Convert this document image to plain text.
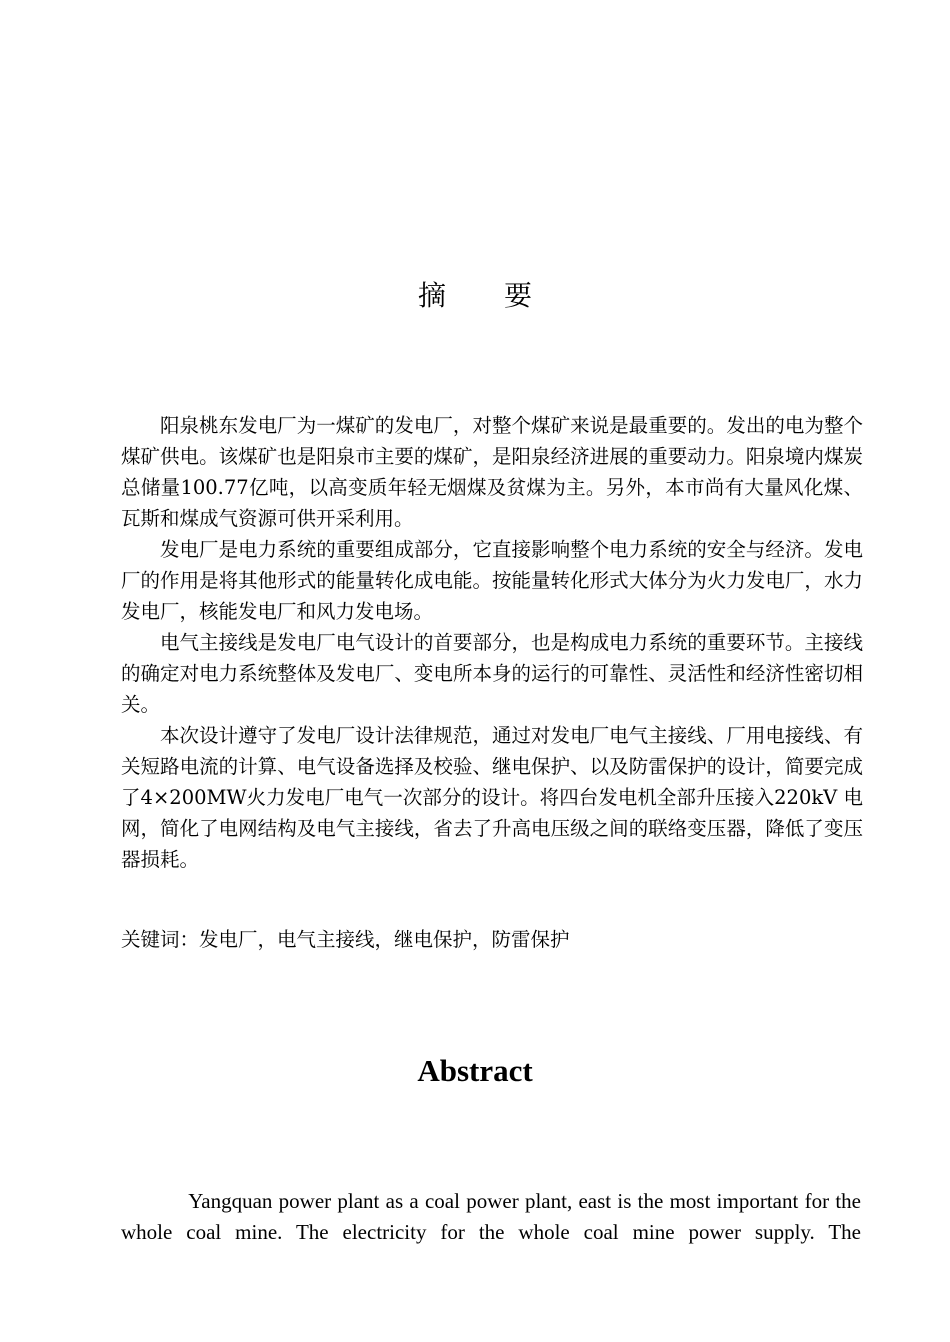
摘要

阳泉桃东发电厂为一煤矿的发电厂，对整个煤矿来说是最重要的。发出的电为整个煤矿供电。该煤矿也是阳泉市主要的煤矿，是阳泉经济进展的重要动力。阳泉境内煤炭总储量100.77亿吨，以高变质年轻无烟煤及贫煤为主。另外，本市尚有大量风化煤、瓦斯和煤成气资源可供开采利用。

发电厂是电力系统的重要组成部分，它直接影响整个电力系统的安全与经济。发电厂的作用是将其他形式的能量转化成电能。按能量转化形式大体分为火力发电厂，水力发电厂，核能发电厂和风力发电场。

电气主接线是发电厂电气设计的首要部分，也是构成电力系统的重要环节。主接线的确定对电力系统整体及发电厂、变电所本身的运行的可靠性、灵活性和经济性密切相关。

本次设计遵守了发电厂设计法律规范，通过对发电厂电气主接线、厂用电接线、有关短路电流的计算、电气设备选择及校验、继电保护、以及防雷保护的设计，简要完成了4×200MW火力发电厂电气一次部分的设计。将四台发电机全部升压接入220kV 电网，简化了电网结构及电气主接线，省去了升高电压级之间的联络变压器，降低了变压器损耗。

关键词：发电厂，电气主接线，继电保护，防雷保护
Abstract

Yangquan power plant as a coal power plant, east is the most important for the whole coal mine. The electricity for the whole coal mine power supply. The
